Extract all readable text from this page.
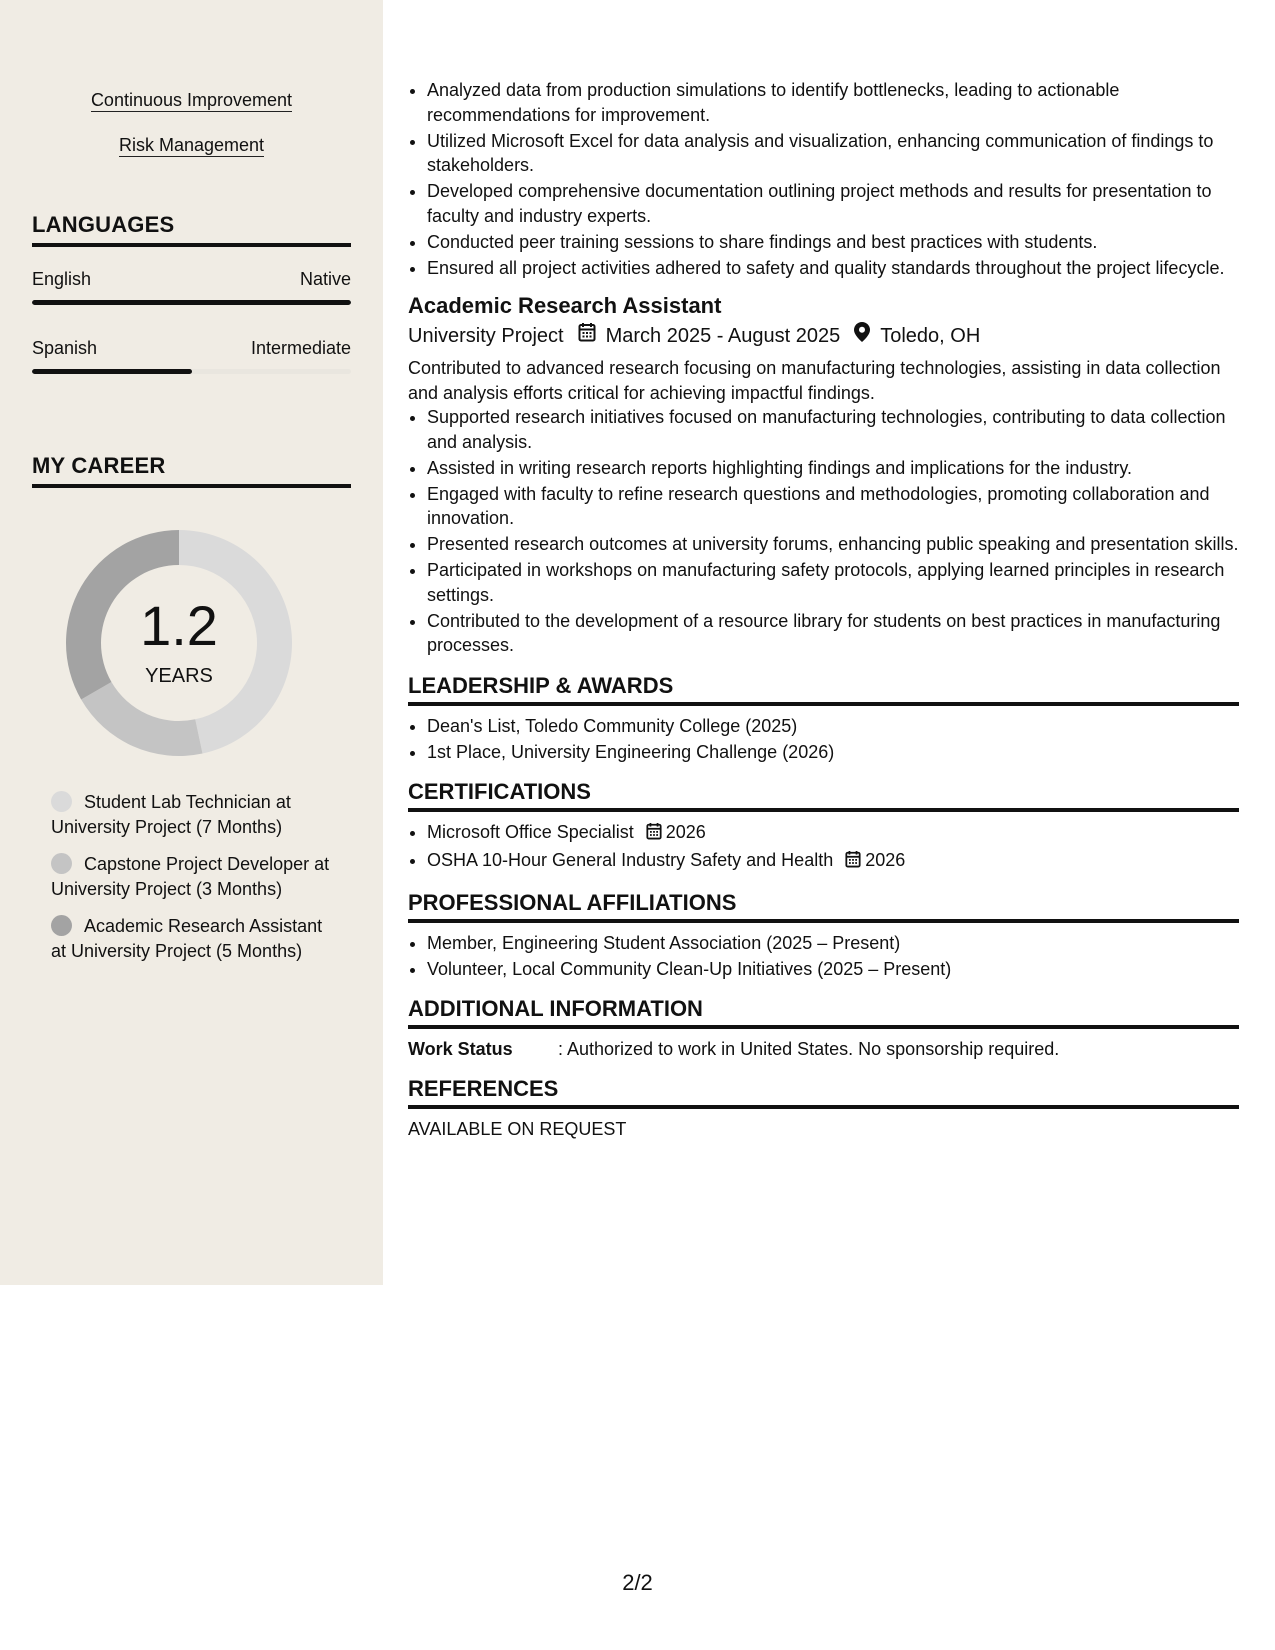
Continuous Improvement
Risk Management
LANGUAGES
English	Native
Spanish	Intermediate
MY CAREER
1.2
YEARS
Student Lab Technician at University Project (7 Months)
Capstone Project Developer at University Project (3 Months)
Academic Research Assistant at University Project (5 Months)
• Analyzed data from production simulations to identify bottlenecks, leading to actionable recommendations for improvement.
• Utilized Microsoft Excel for data analysis and visualization, enhancing communication of findings to stakeholders.
• Developed comprehensive documentation outlining project methods and results for presentation to faculty and industry experts.
• Conducted peer training sessions to share findings and best practices with students.
• Ensured all project activities adhered to safety and quality standards throughout the project lifecycle.
Academic Research Assistant
University Project March 2025 - August 2025 Toledo, OH
Contributed to advanced research focusing on manufacturing technologies, assisting in data collection and analysis efforts critical for achieving impactful findings.
• Supported research initiatives focused on manufacturing technologies, contributing to data collection and analysis.
• Assisted in writing research reports highlighting findings and implications for the industry.
• Engaged with faculty to refine research questions and methodologies, promoting collaboration and innovation.
• Presented research outcomes at university forums, enhancing public speaking and presentation skills.
• Participated in workshops on manufacturing safety protocols, applying learned principles in research settings.
• Contributed to the development of a resource library for students on best practices in manufacturing processes.
LEADERSHIP & AWARDS
• Dean's List, Toledo Community College (2025)
• 1st Place, University Engineering Challenge (2026)
CERTIFICATIONS
• Microsoft Office Specialist 2026
• OSHA 10-Hour General Industry Safety and Health 2026
PROFESSIONAL AFFILIATIONS
• Member, Engineering Student Association (2025 – Present)
• Volunteer, Local Community Clean-Up Initiatives (2025 – Present)
ADDITIONAL INFORMATION
Work Status	: Authorized to work in United States. No sponsorship required.
REFERENCES
AVAILABLE ON REQUEST
2/2
